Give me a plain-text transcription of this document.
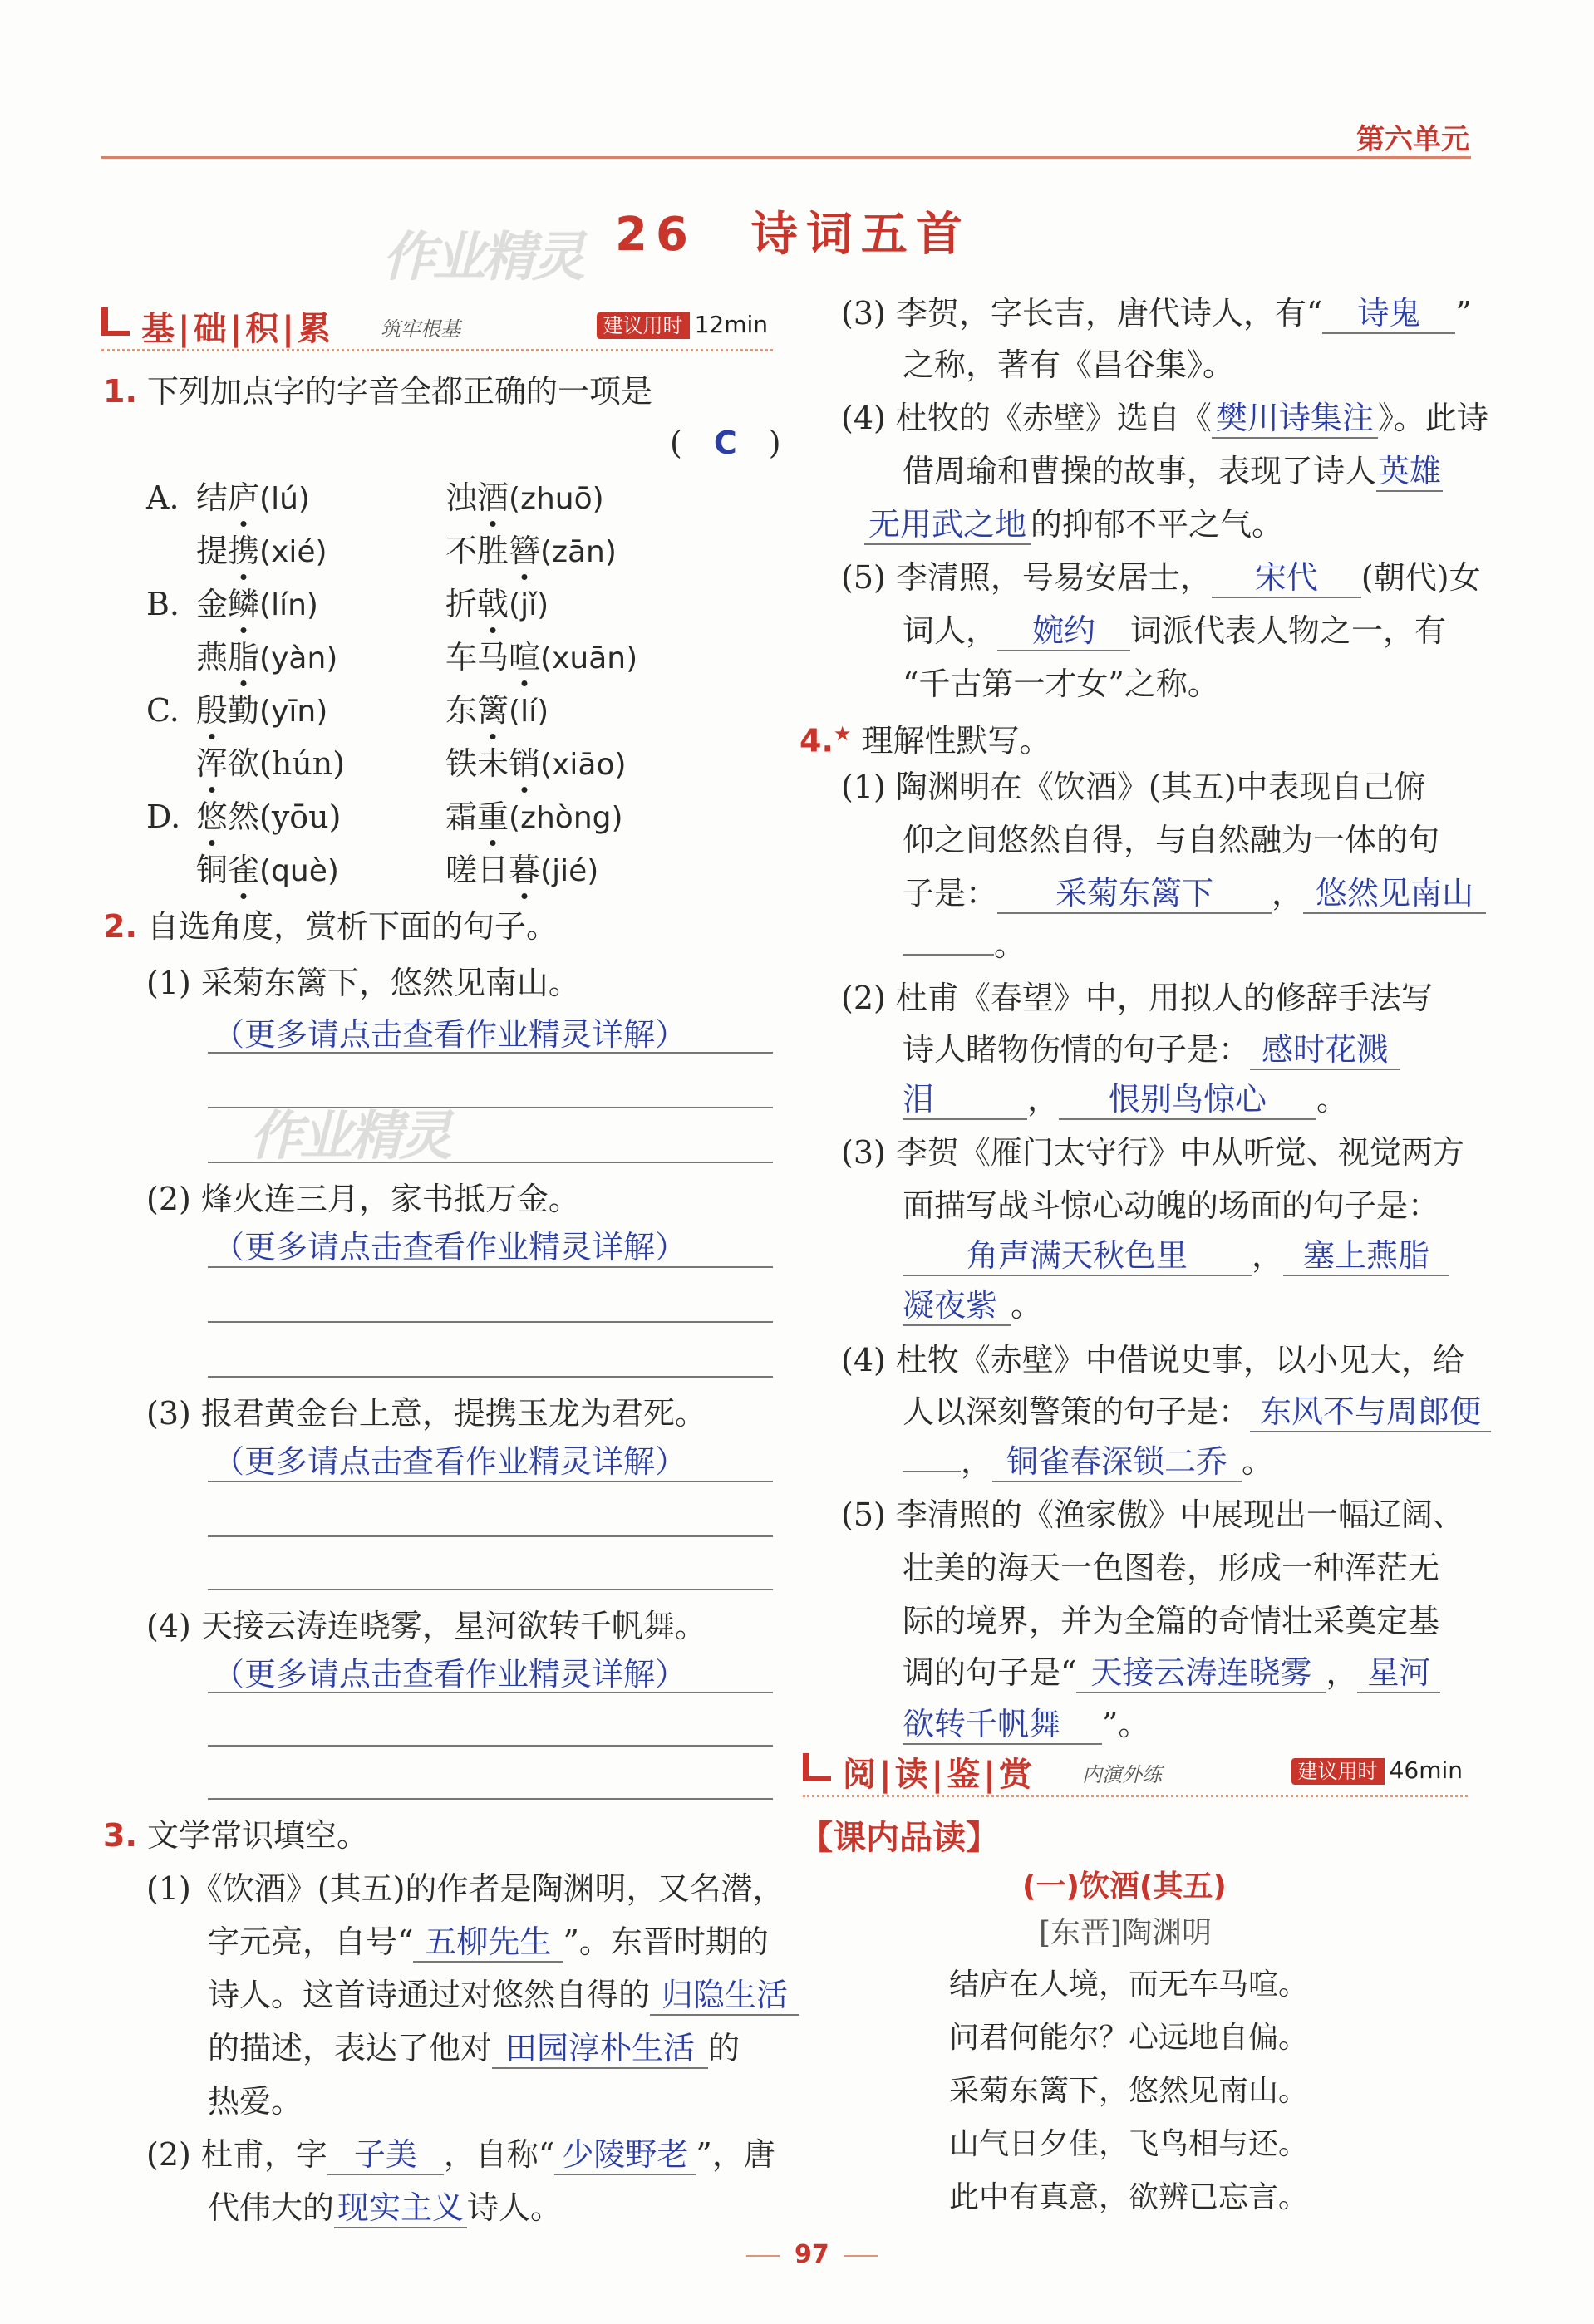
第六单元
作业精灵 26　诗词五首
基|础|积|累 筑牢根基	建议用时 12min
1. 下列加点字的字音全都正确的一项是
(　C　)
A. 结庐(lú)	浊酒(zhuō)
提携(xié)	不胜簪(zān)
B. 金鳞(lín)	折戟(jǐ)
燕脂(yàn)	车马喧(xuān)
C. 殷勤(yīn)	东篱(lí)
浑欲(hún)	铁未销(xiāo)
D. 悠然(yōu)	霜重(zhòng)
铜雀(què)	嗟日暮(jié)
2. 自选角度，赏析下面的句子。
(1) 采菊东篱下，悠然见南山。
（更多请点击查看作业精灵详解）
作业精灵
(2) 烽火连三月，家书抵万金。
（更多请点击查看作业精灵详解）
(3) 报君黄金台上意，提携玉龙为君死。
（更多请点击查看作业精灵详解）
(4) 天接云涛连晓雾，星河欲转千帆舞。
（更多请点击查看作业精灵详解）
3. 文学常识填空。
(1)《饮酒》(其五)的作者是陶渊明，又名潜，
字元亮，自号“ 五柳先生 ”。东晋时期的
诗人。这首诗通过对悠然自得的 归隐生活
的描述，表达了他对 田园淳朴生活 的
热爱。
(2) 杜甫，字 子美 ，自称“ 少陵野老 ”，唐
代伟大的 现实主义 诗人。
(3) 李贺，字长吉，唐代诗人，有“ 诗鬼 ”
之称，著有《昌谷集》。
(4) 杜牧的《赤壁》选自《 樊川诗集注 》。此诗
借周瑜和曹操的故事，表现了诗人英雄
无用武之地 的抑郁不平之气。
(5) 李清照，号易安居士， 宋代 (朝代)女
词人， 婉约 词派代表人物之一，有
“千古第一才女”之称。
4.★ 理解性默写。
(1) 陶渊明在《饮酒》(其五)中表现自己俯
仰之间悠然自得，与自然融为一体的句
子是： 采菊东篱下 ， 悠然见南山
。
(2) 杜甫《春望》中，用拟人的修辞手法写
诗人睹物伤情的句子是： 感时花溅
泪	， 恨别鸟惊心 。
(3) 李贺《雁门太守行》中从听觉、视觉两方
面描写战斗惊心动魄的场面的句子是：
角声满天秋色里 ， 塞上燕脂
凝夜紫 。
(4) 杜牧《赤壁》中借说史事，以小见大，给
人以深刻警策的句子是： 东风不与周郎便
， 铜雀春深锁二乔 。
(5) 李清照的《渔家傲》中展现出一幅辽阔、
壮美的海天一色图卷，形成一种浑茫无
际的境界，并为全篇的奇情壮采奠定基
调的句子是“ 天接云涛连晓雾 ， 星河
欲转千帆舞 ”。
阅|读|鉴|赏 内演外练	建议用时 46min
【课内品读】
(一)饮酒(其五)
[东晋]陶渊明
结庐在人境，而无车马喧。
问君何能尔？心远地自偏。
采菊东篱下，悠然见南山。
山气日夕佳，飞鸟相与还。
此中有真意，欲辨已忘言。
97
